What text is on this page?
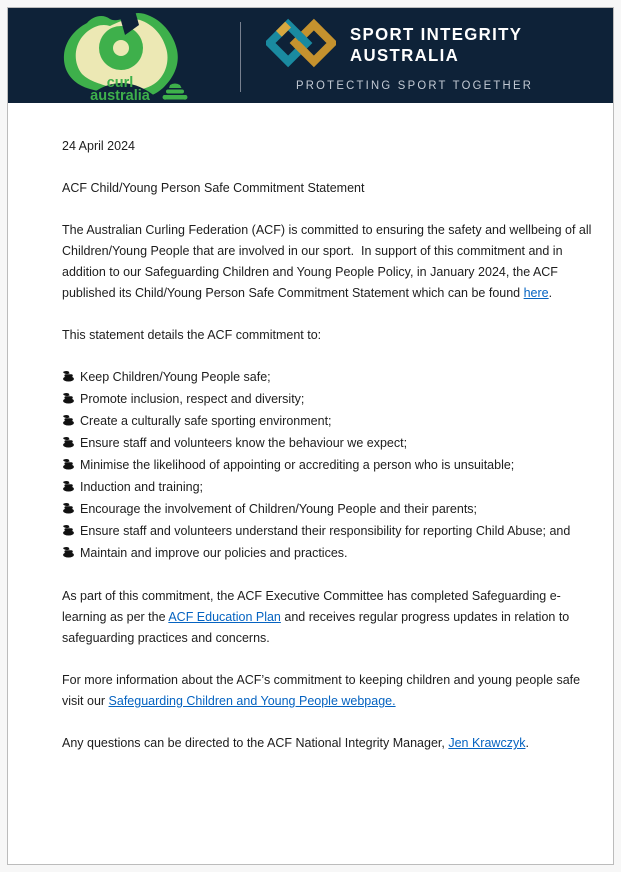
curl
australia
SPORT INTEGRITY
AUSTRALIA
PROTECTING SPORT TOGETHER

24 April 2024

ACF Child/Young Person Safe Commitment Statement

The Australian Curling Federation (ACF) is committed to ensuring the safety and wellbeing of all Children/Young People that are involved in our sport.  In support of this commitment and in addition to our Safeguarding Children and Young People Policy, in January 2024, the ACF published its Child/Young Person Safe Commitment Statement which can be found here.

This statement details the ACF commitment to:

Keep Children/Young People safe;
Promote inclusion, respect and diversity;
Create a culturally safe sporting environment;
Ensure staff and volunteers know the behaviour we expect;
Minimise the likelihood of appointing or accrediting a person who is unsuitable;
Induction and training;
Encourage the involvement of Children/Young People and their parents;
Ensure staff and volunteers understand their responsibility for reporting Child Abuse; and
Maintain and improve our policies and practices.

As part of this commitment, the ACF Executive Committee has completed Safeguarding e-learning as per the ACF Education Plan and receives regular progress updates in relation to safeguarding practices and concerns.

For more information about the ACF’s commitment to keeping children and young people safe visit our Safeguarding Children and Young People webpage.

Any questions can be directed to the ACF National Integrity Manager, Jen Krawczyk.
